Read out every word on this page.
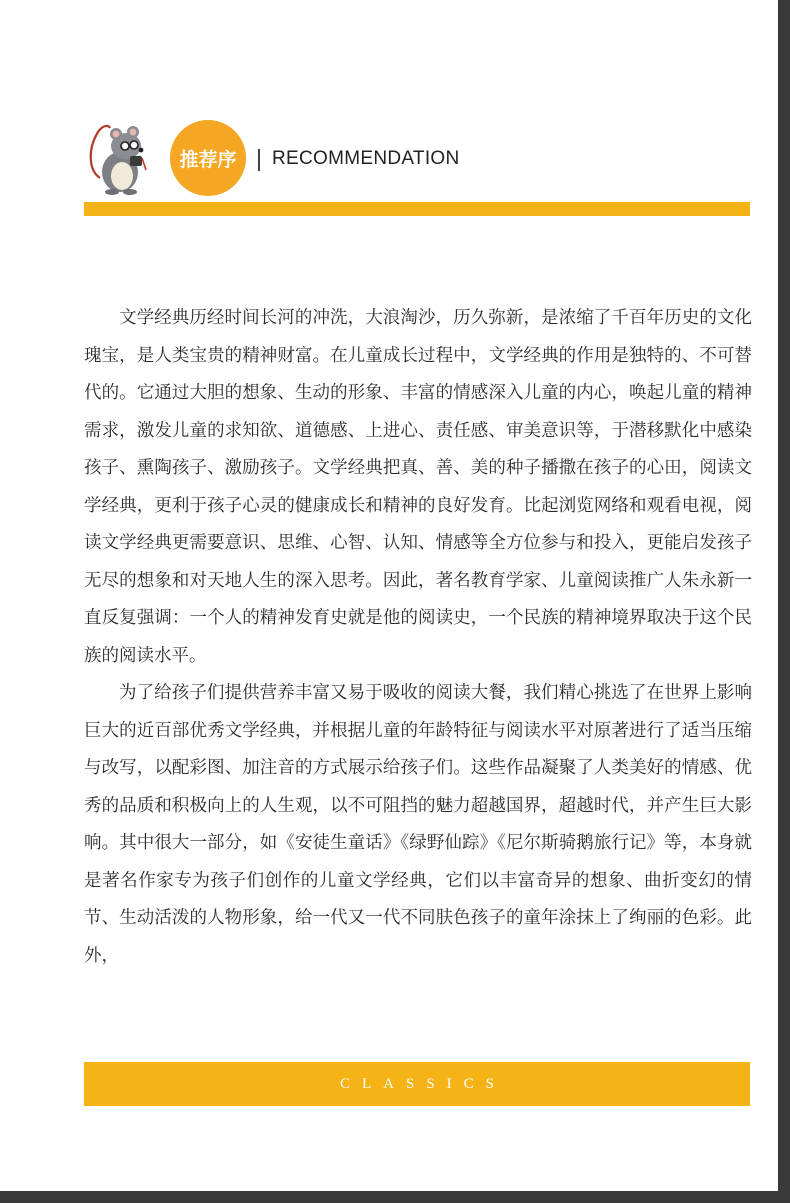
推荐序	RECOMMENDATION

文学经典历经时间长河的冲洗，大浪淘沙，历久弥新，是浓缩了千百年历史的文化瑰宝，是人类宝贵的精神财富。在儿童成长过程中，文学经典的作用是独特的、不可替代的。它通过大胆的想象、生动的形象、丰富的情感深入儿童的内心，唤起儿童的精神需求，激发儿童的求知欲、道德感、上进心、责任感、审美意识等，于潜移默化中感染孩子、熏陶孩子、激励孩子。文学经典把真、善、美的种子播撒在孩子的心田，阅读文学经典，更利于孩子心灵的健康成长和精神的良好发育。比起浏览网络和观看电视，阅读文学经典更需要意识、思维、心智、认知、情感等全方位参与和投入，更能启发孩子无尽的想象和对天地人生的深入思考。因此，著名教育学家、儿童阅读推广人朱永新一直反复强调：一个人的精神发育史就是他的阅读史，一个民族的精神境界取决于这个民族的阅读水平。

为了给孩子们提供营养丰富又易于吸收的阅读大餐，我们精心挑选了在世界上影响巨大的近百部优秀文学经典，并根据儿童的年龄特征与阅读水平对原著进行了适当压缩与改写，以配彩图、加注音的方式展示给孩子们。这些作品凝聚了人类美好的情感、优秀的品质和积极向上的人生观，以不可阻挡的魅力超越国界，超越时代，并产生巨大影响。其中很大一部分，如《安徒生童话》《绿野仙踪》《尼尔斯骑鹅旅行记》等，本身就是著名作家专为孩子们创作的儿童文学经典，它们以丰富奇异的想象、曲折变幻的情节、生动活泼的人物形象，给一代又一代不同肤色孩子的童年涂抹上了绚丽的色彩。此外，

CLASSICS
